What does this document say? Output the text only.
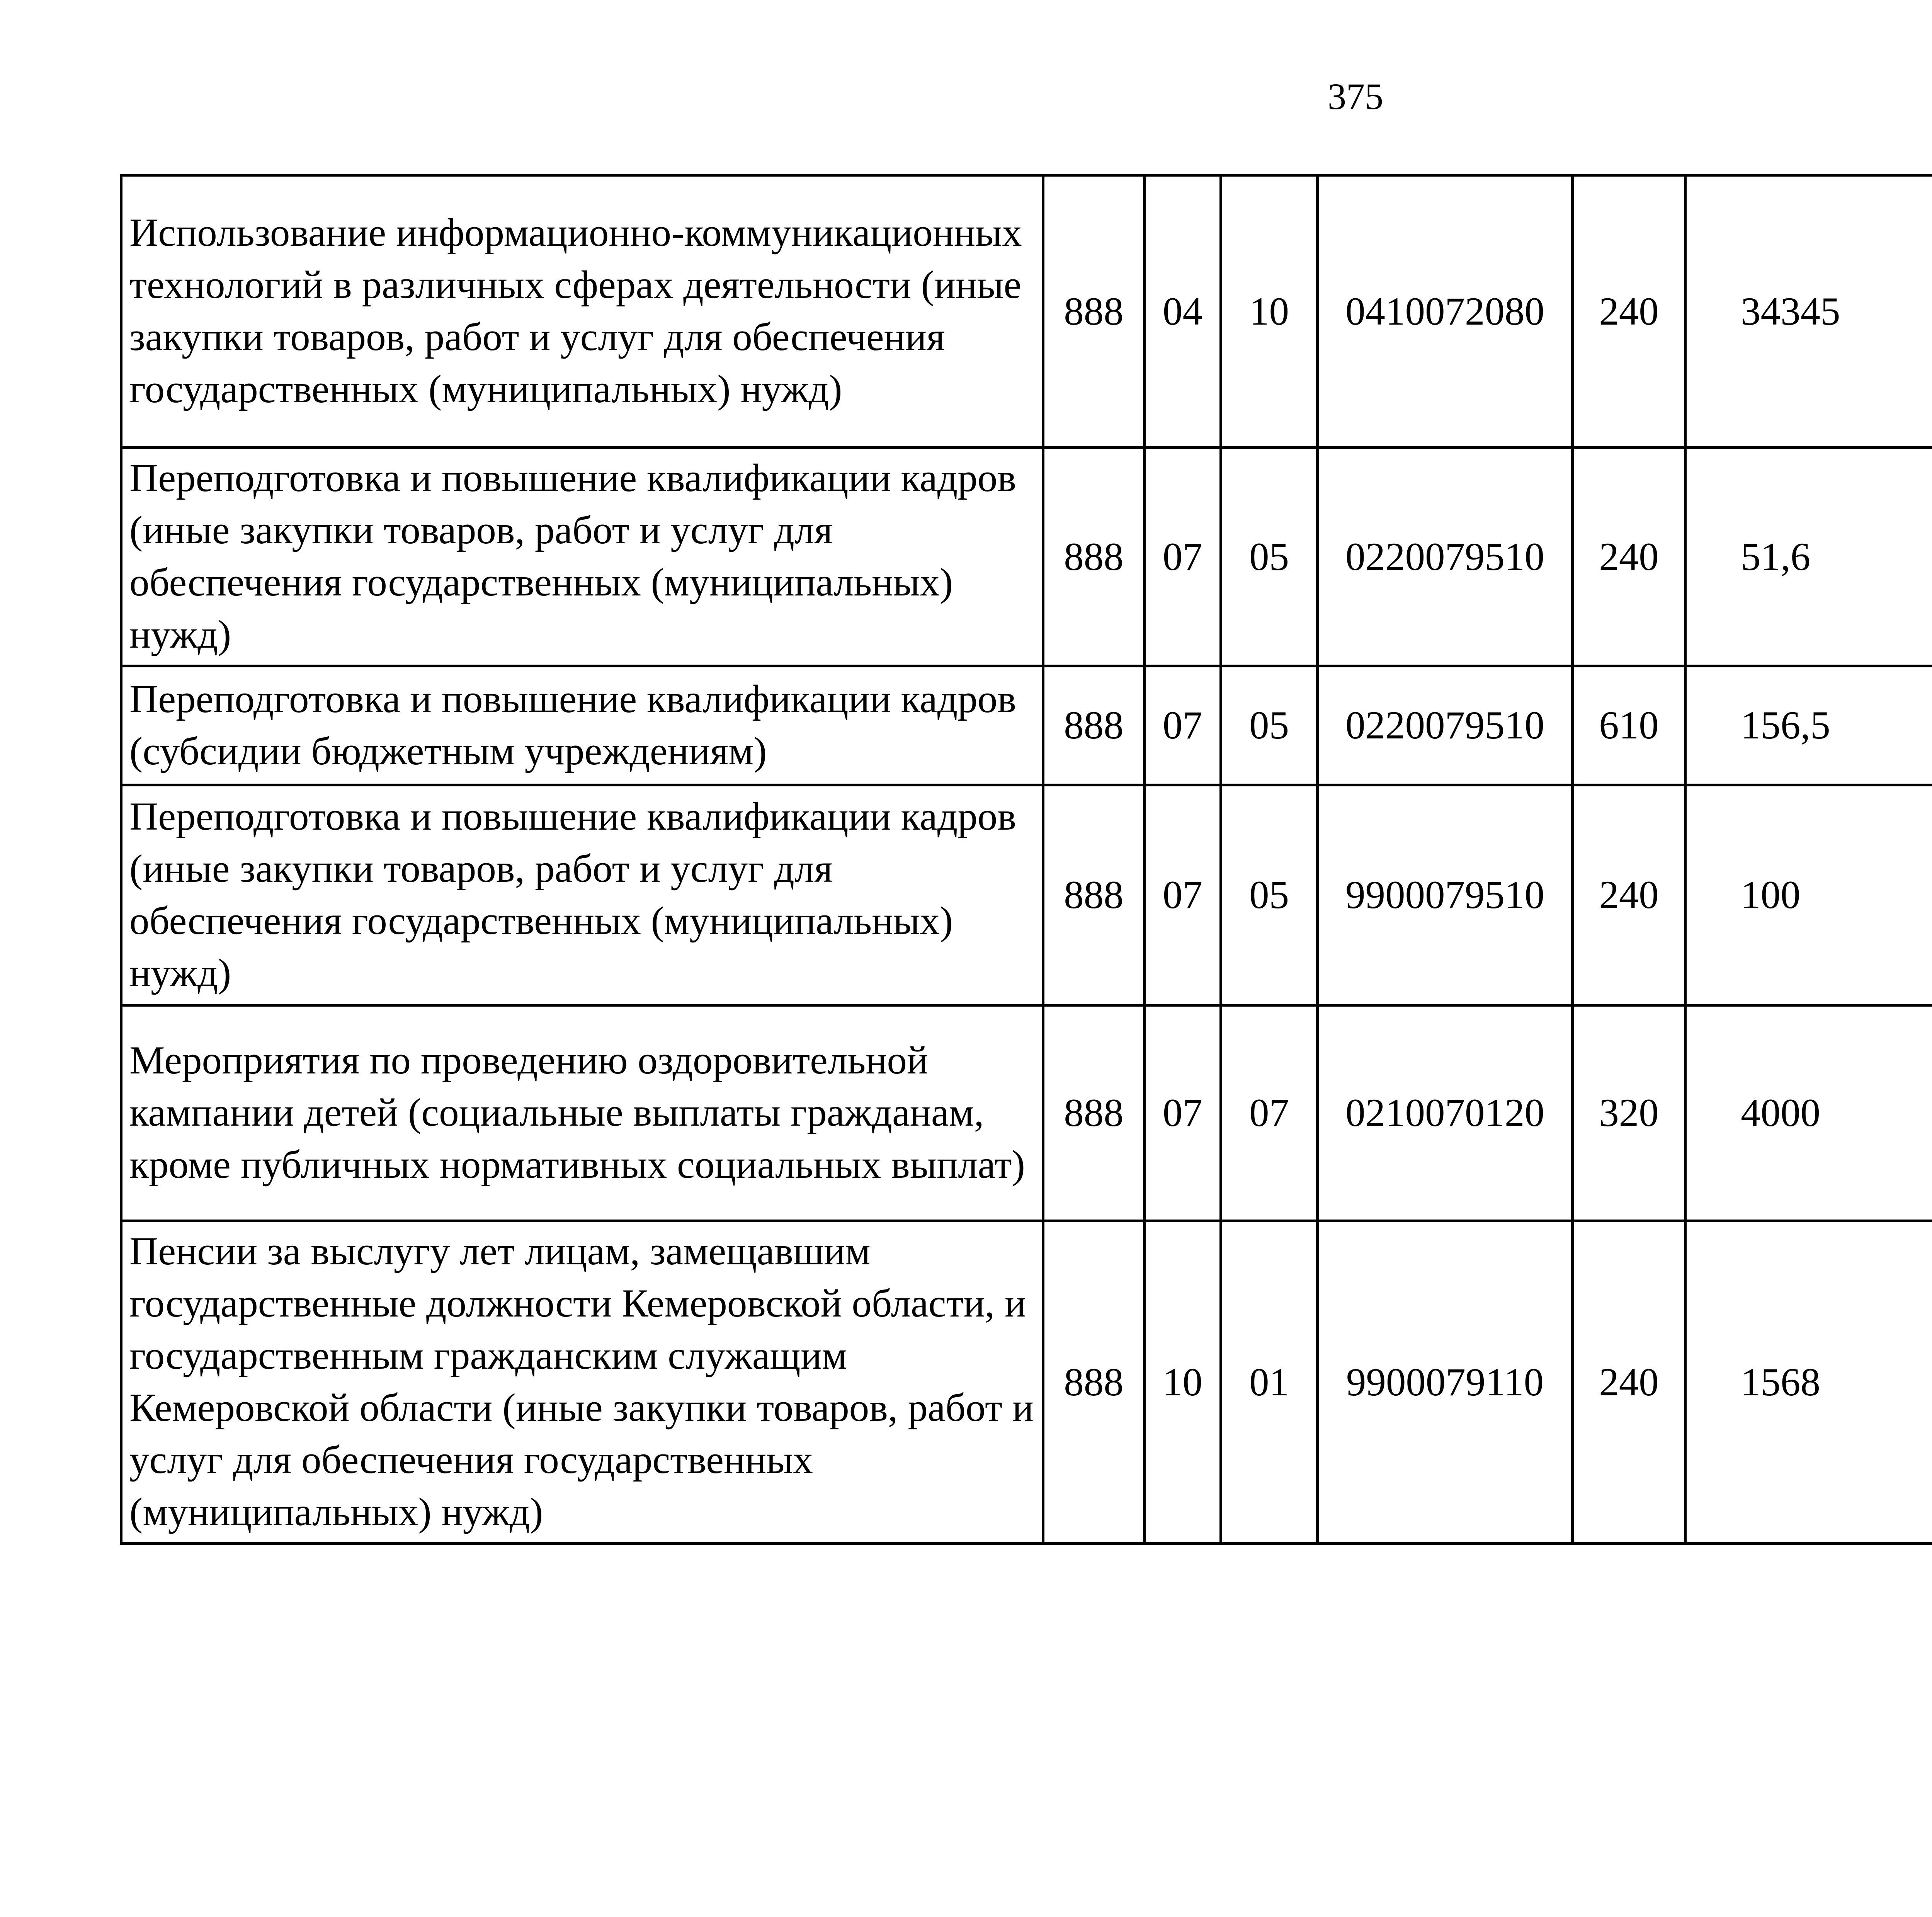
375
Использование информационно-коммуникационных технологий в различных сферах деятельности (иные закупки товаров, работ и услуг для обеспечения государственных (муниципальных) нужд)	888	04	10	0410072080	240	34345		
Переподготовка и повышение квалификации кадров (иные закупки товаров, работ и услуг для обеспечения государственных (муниципальных) нужд)	888	07	05	0220079510	240	51,6		
Переподготовка и повышение квалификации кадров (субсидии бюджетным учреждениям)	888	07	05	0220079510	610	156,5		
Переподготовка и повышение квалификации кадров (иные закупки товаров, работ и услуг для обеспечения государственных (муниципальных) нужд)	888	07	05	9900079510	240	100		
Мероприятия по проведению оздоровительной кампании детей (социальные выплаты гражданам, кроме публичных нормативных социальных выплат)	888	07	07	0210070120	320	4000		
Пенсии за выслугу лет лицам, замещавшим государственные должности Кемеровской области, и государственным гражданским служащим Кемеровской области (иные закупки товаров, работ и услуг для обеспечения государственных (муниципальных) нужд)	888	10	01	9900079110	240	1568		
